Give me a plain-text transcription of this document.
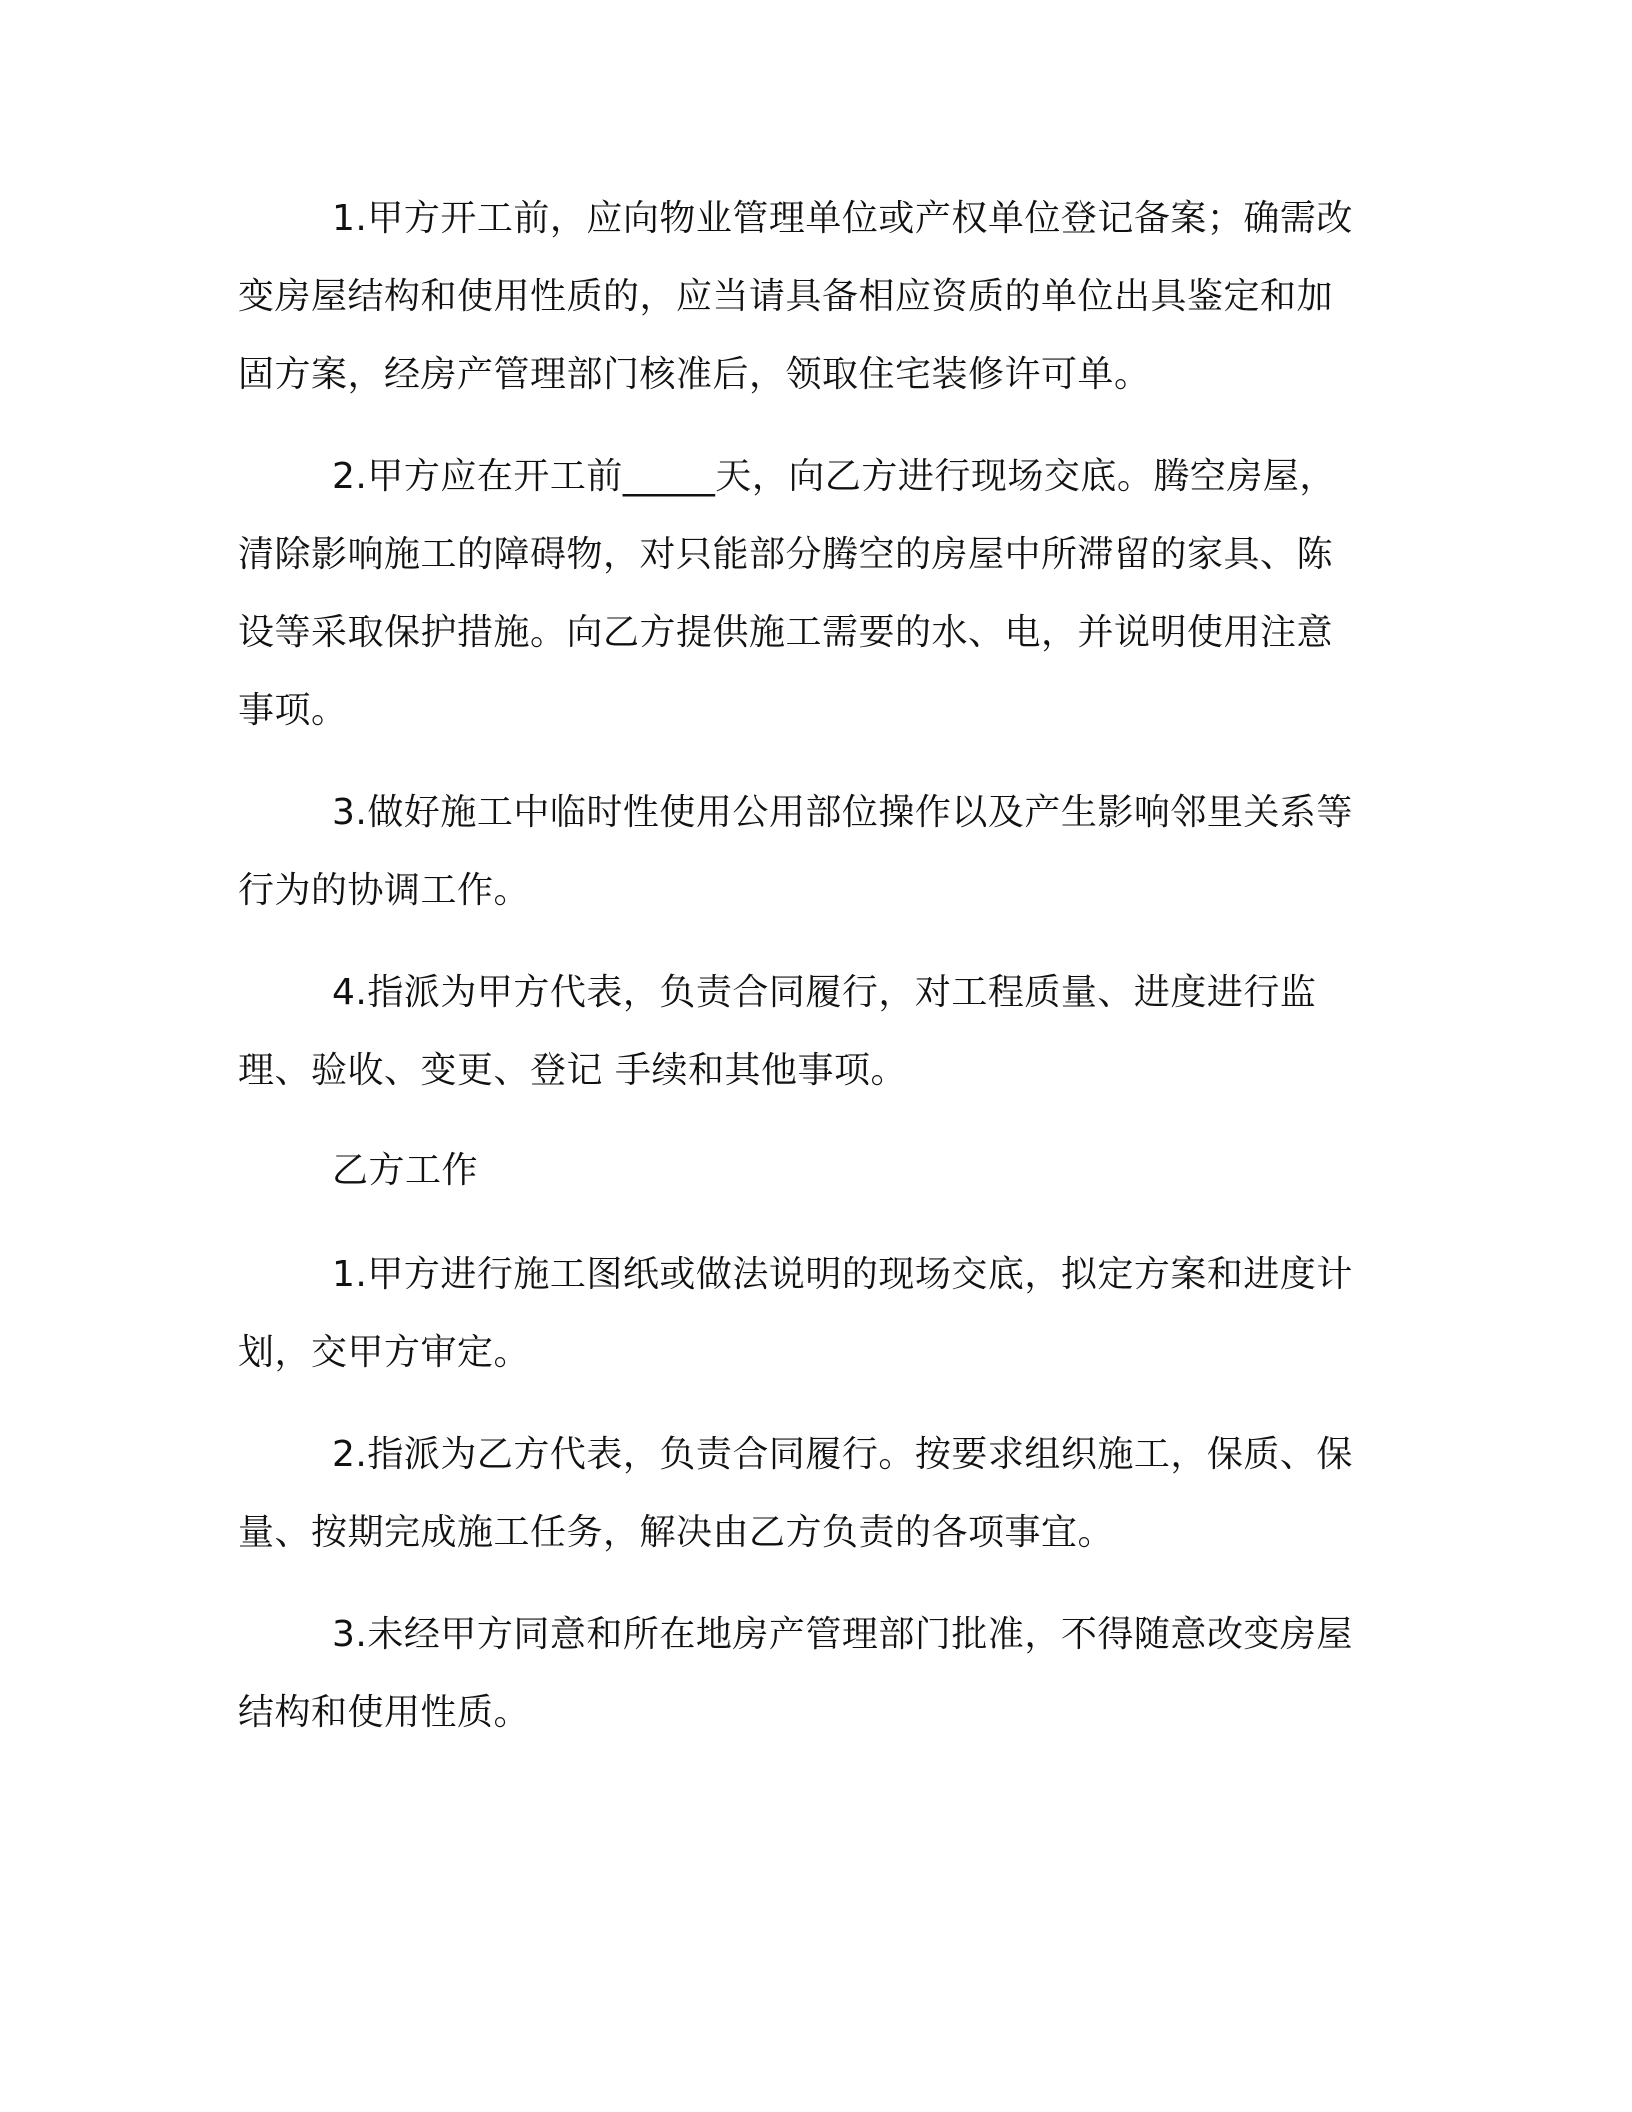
1.甲方开工前，应向物业管理单位或产权单位登记备案；确需改
变房屋结构和使用性质的，应当请具备相应资质的单位出具鉴定和加
固方案，经房产管理部门核准后，领取住宅装修许可单。
2.甲方应在开工前_____天，向乙方进行现场交底。腾空房屋，
清除影响施工的障碍物，对只能部分腾空的房屋中所滞留的家具、陈
设等采取保护措施。向乙方提供施工需要的水、电，并说明使用注意
事项。
3.做好施工中临时性使用公用部位操作以及产生影响邻里关系等
行为的协调工作。
4.指派为甲方代表，负责合同履行，对工程质量、进度进行监
理、验收、变更、登记 手续和其他事项。
乙方工作
1.甲方进行施工图纸或做法说明的现场交底，拟定方案和进度计
划，交甲方审定。
2.指派为乙方代表，负责合同履行。按要求组织施工，保质、保
量、按期完成施工任务，解决由乙方负责的各项事宜。
3.未经甲方同意和所在地房产管理部门批准，不得随意改变房屋
结构和使用性质。
